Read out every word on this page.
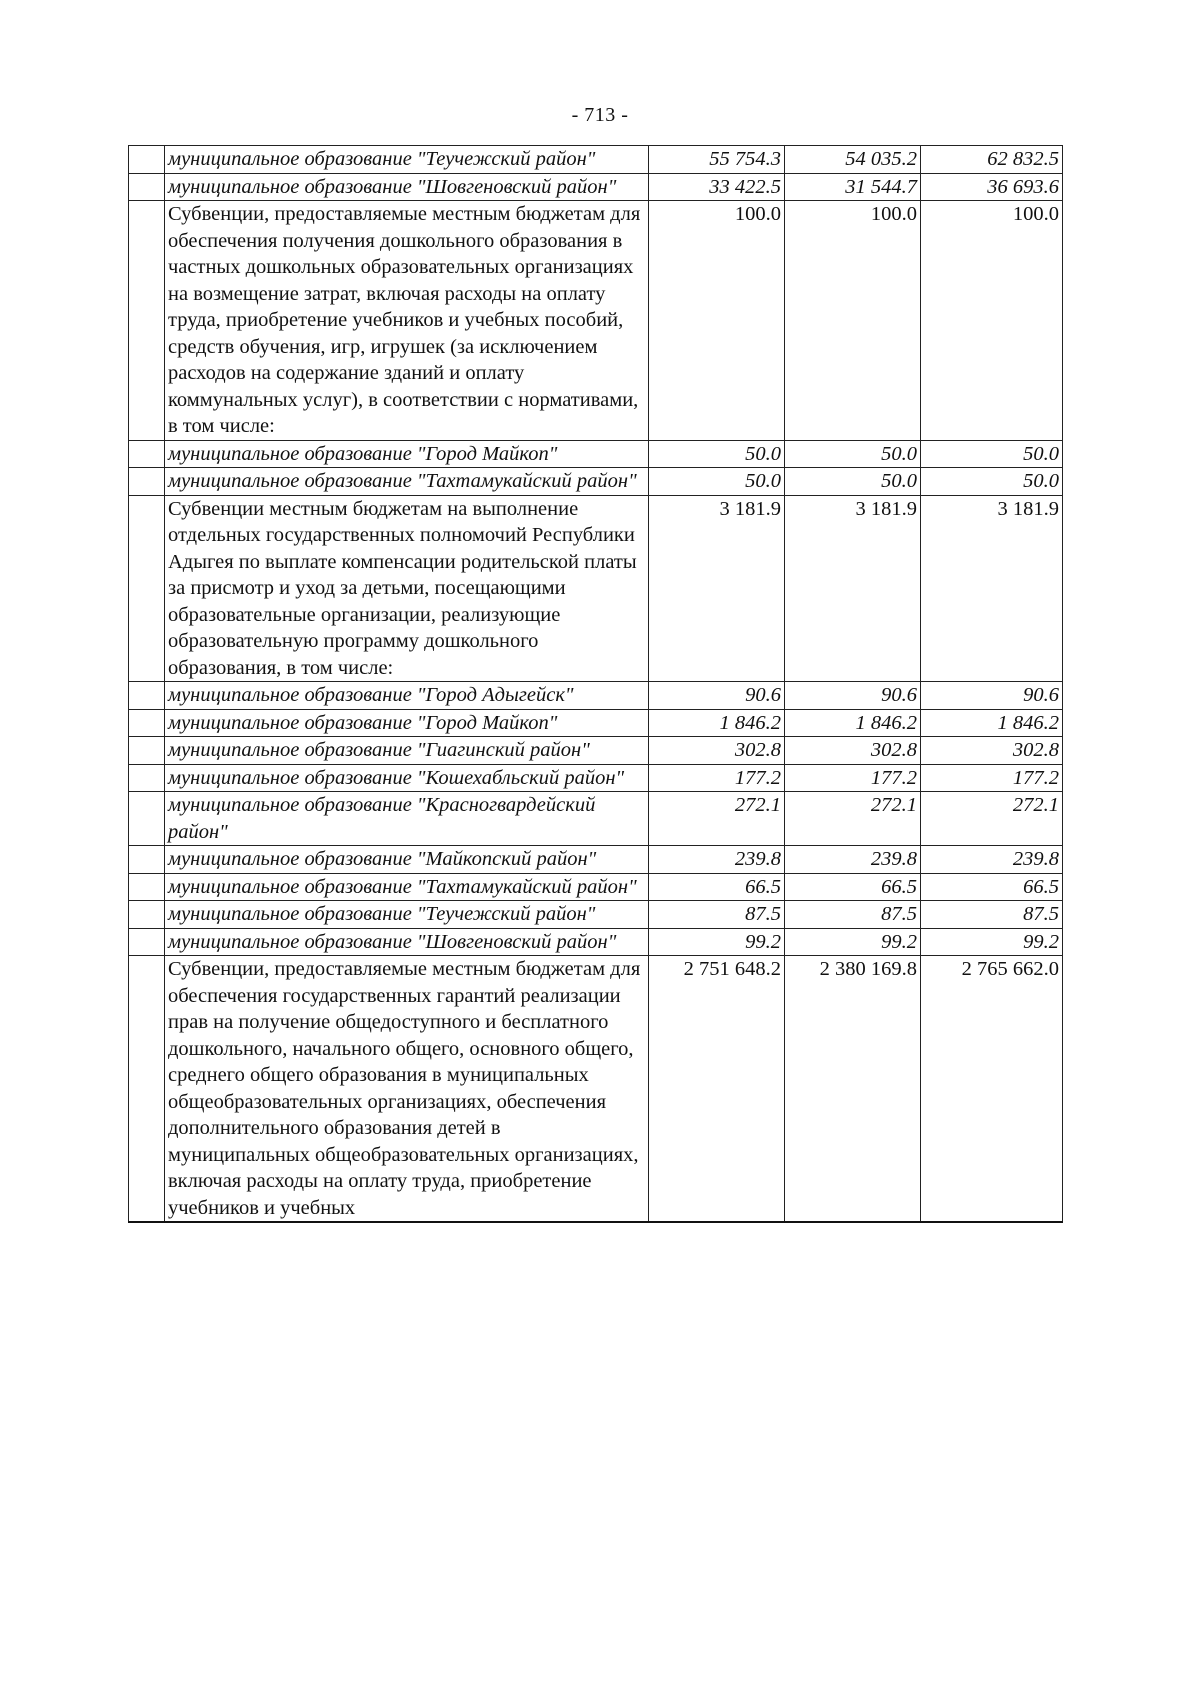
- 713 -
	муниципальное образование "Теучежский район"	55 754.3	54 035.2	62 832.5
	муниципальное образование "Шовгеновский район"	33 422.5	31 544.7	36 693.6
	Субвенции, предоставляемые местным бюджетам для обеспечения получения дошкольного образования в частных дошкольных образовательных организациях на возмещение затрат, включая расходы на оплату труда, приобретение учебников и учебных пособий, средств обучения, игр, игрушек (за исключением расходов на содержание зданий и оплату коммунальных услуг), в соответствии с нормативами, в том числе:	100.0	100.0	100.0
	муниципальное образование "Город Майкоп"	50.0	50.0	50.0
	муниципальное образование "Тахтамукайский район"	50.0	50.0	50.0
	Субвенции местным бюджетам на выполнение отдельных государственных полномочий Республики Адыгея по выплате компенсации родительской платы за присмотр и уход за детьми, посещающими образовательные организации, реализующие образовательную программу дошкольного образования, в том числе:	3 181.9	3 181.9	3 181.9
	муниципальное образование "Город Адыгейск"	90.6	90.6	90.6
	муниципальное образование "Город Майкоп"	1 846.2	1 846.2	1 846.2
	муниципальное образование "Гиагинский район"	302.8	302.8	302.8
	муниципальное образование "Кошехабльский район"	177.2	177.2	177.2
	муниципальное образование "Красногвардейский район"	272.1	272.1	272.1
	муниципальное образование "Майкопский район"	239.8	239.8	239.8
	муниципальное образование "Тахтамукайский район"	66.5	66.5	66.5
	муниципальное образование "Теучежский район"	87.5	87.5	87.5
	муниципальное образование "Шовгеновский район"	99.2	99.2	99.2
	Субвенции, предоставляемые местным бюджетам для обеспечения государственных гарантий реализации прав на получение общедоступного и бесплатного дошкольного, начального общего, основного общего, среднего общего образования в муниципальных общеобразовательных организациях, обеспечения дополнительного образования детей в муниципальных общеобразовательных организациях, включая расходы на оплату труда, приобретение учебников и учебных	2 751 648.2	2 380 169.8	2 765 662.0
